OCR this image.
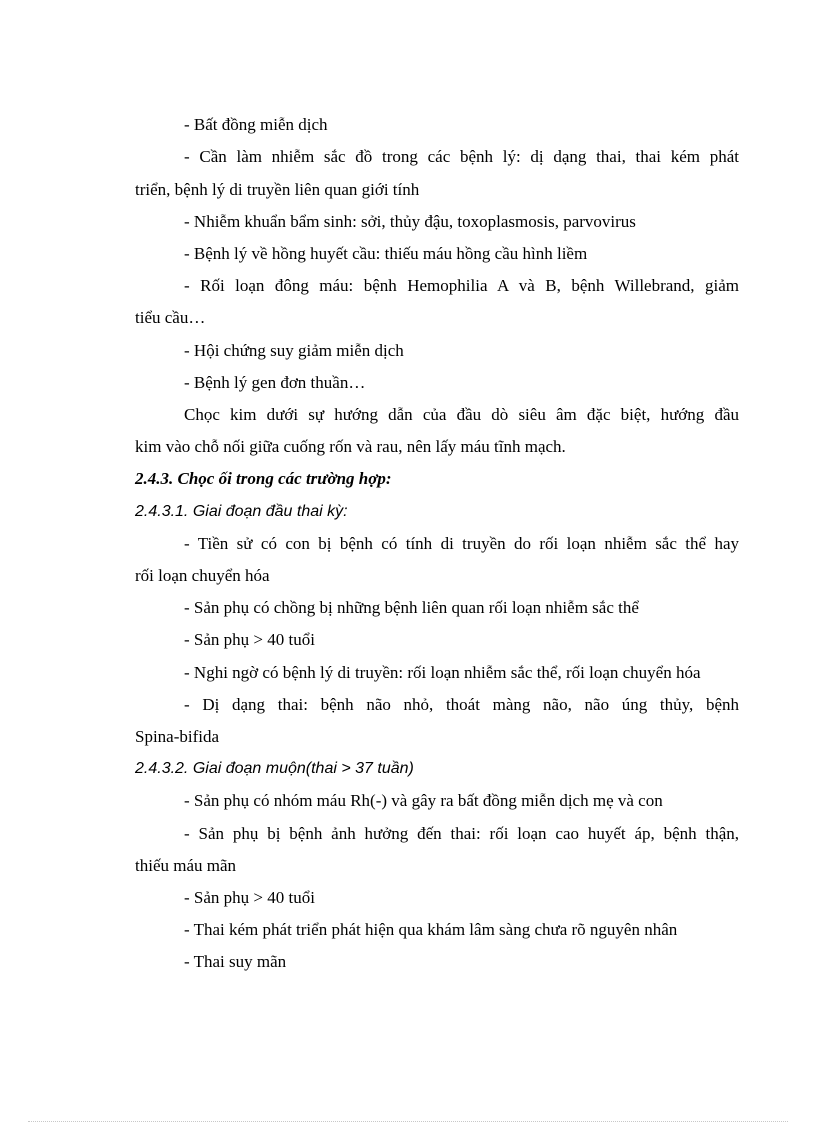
- Bất đồng miễn dịch
- Cần làm nhiễm sắc đồ trong các bệnh lý: dị dạng thai, thai kém phát
triển, bệnh lý di truyền liên quan giới tính
- Nhiễm khuẩn bẩm sinh: sởi, thủy đậu, toxoplasmosis, parvovirus
- Bệnh lý về hồng huyết cầu: thiếu máu hồng cầu hình liềm
- Rối loạn đông máu: bệnh Hemophilia A và B, bệnh Willebrand, giảm
tiểu cầu…
- Hội chứng suy giảm miễn dịch
- Bệnh lý gen đơn thuần…
Chọc kim dưới sự hướng dẫn của đầu dò siêu âm đặc biệt, hướng đầu
kim vào chỗ nối giữa cuống rốn và rau, nên lấy máu tĩnh mạch.
2.4.3. Chọc ối trong các trường hợp:
2.4.3.1. Giai đoạn đầu thai kỳ:
- Tiền sử có con bị bệnh có tính di truyền do rối loạn nhiễm sắc thể hay
rối loạn chuyển hóa
- Sản phụ có chồng bị những bệnh liên quan rối loạn nhiễm sắc thể
- Sản phụ > 40 tuổi
- Nghi ngờ có bệnh lý di truyền: rối loạn nhiễm sắc thể, rối loạn chuyển hóa
- Dị dạng thai: bệnh não nhỏ, thoát màng não, não úng thủy, bệnh
Spina-bifida
2.4.3.2. Giai đoạn muộn(thai > 37 tuần)
- Sản phụ có nhóm máu Rh(-) và gây ra bất đồng miễn dịch mẹ và con
- Sản phụ bị bệnh ảnh hưởng đến thai: rối loạn cao huyết áp, bệnh thận,
thiếu máu mãn
- Sản phụ > 40 tuổi
- Thai kém phát triển phát hiện qua khám lâm sàng chưa rõ nguyên nhân
- Thai suy mãn
